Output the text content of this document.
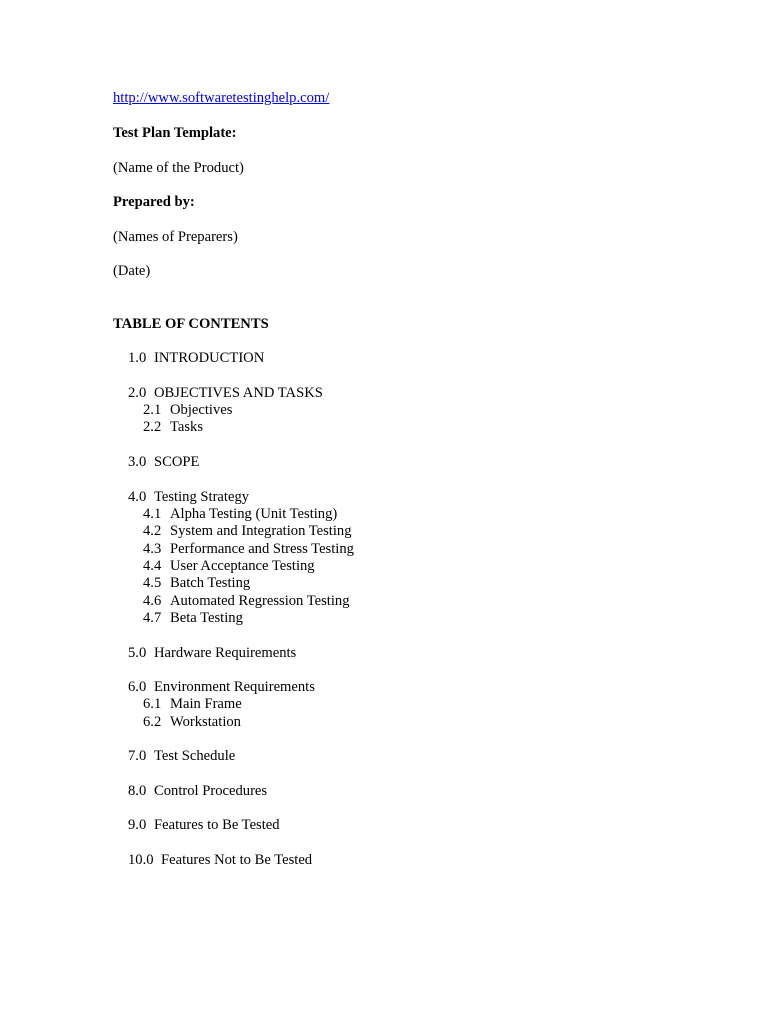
http://www.softwaretestinghelp.com/
Test Plan Template:
(Name of the Product)
Prepared by:
(Names of Preparers)
(Date)
TABLE OF CONTENTS
1.0 INTRODUCTION
2.0 OBJECTIVES AND TASKS
2.1 Objectives
2.2 Tasks
3.0 SCOPE
4.0 Testing Strategy
4.1 Alpha Testing (Unit Testing)
4.2 System and Integration Testing
4.3 Performance and Stress Testing
4.4 User Acceptance Testing
4.5 Batch Testing
4.6 Automated Regression Testing
4.7 Beta Testing
5.0 Hardware Requirements
6.0 Environment Requirements
6.1 Main Frame
6.2 Workstation
7.0 Test Schedule
8.0 Control Procedures
9.0 Features to Be Tested
10.0 Features Not to Be Tested
